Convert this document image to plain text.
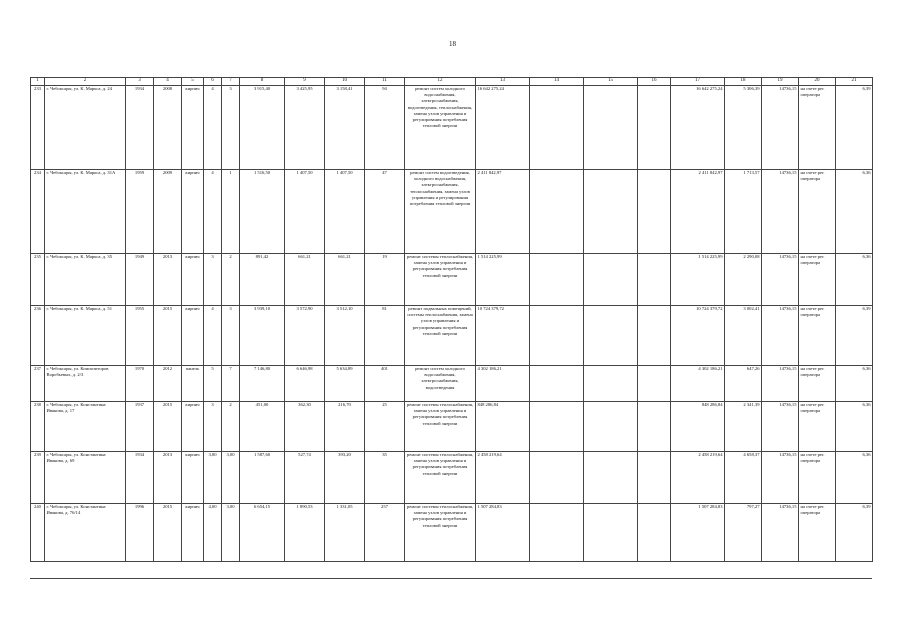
18
1	2	3	4	5	6	7	8	9	10	11	12	13	14	15	16	17	18	19	20	21
233	г. Чебоксары, ул. К. Маркса, д. 24	1934	2008	кирпич	4	3	3 915,40	3 425,95	3 158,41	94	ремонт систем холодного водоснабжения, электроснабжения, водоотведения, теплоснабжения, замена узлов управления и регулирования потребления тепловой энергии	16 642 275,24				16 642 275,24	5 306,39	14736,15	на счете рег. оператора	6,39
234	г. Чебоксары, ул. К. Маркса, д. 31А	1959	2009	кирпич	4	1	1 516,50	1 407,50	1 407,50	47	ремонт систем водоотведения, холодного водоснабжения, электроснабжения, теплоснабжения, замена узлов управления и регулирования потребления тепловой энергии	2 411 842,97				2 411 842,97	1 713,57	14736,15	на счете рег. оператора	6,36
235	г. Чебоксары, ул. К. Маркса, д. 35	1949	2013	кирпич	3	2	891,42	661,21	661,21	19	ремонт системы теплоснабжения, замена узлов управления и регулирования потребления тепловой энергии	1 514 225,99				1 514 225,99	2 290,08	14736,15	на счете рег. оператора	6,36
236	г. Чебоксары, ул. К. Маркса, д. 51	1955	2015	кирпич	4	3	3 939,10	3 572,90	3 512,10	81	ремонт подвальных помещений, системы теплоснабжения, замена узлов управления и регулирования потребления тепловой энергии	10 724 379,72				10 724 379,72	3 002,41	14736,15	на счете рег. оператора	6,39
237	г. Чебоксары, ул. Композиторов Воробьевых, д. 2/3	1970	2012	панель	5	7	7 146,80	6 646,98	5 634,89	401	ремонт систем холодного водоснабжения, электроснабжения, водоотведения	4 302 186,21				4 302 186,21	647,26	14736,15	на счете рег. оператора	6,36
238	г. Чебоксары, ул. Константина Иванова, д. 17	1937	2015	кирпич	3	2	451,00	362,30	216,70	25	ремонт системы теплоснабжения, замена узлов управления и регулирования потребления тепловой энергии	848 286,84				848 286,84	2 341,39	14736,15	на счете рег. оператора	6,36
239	г. Чебоксары, ул. Константина Иванова, д. 69	1934	2013	кирпич	3,00	3,00	1 587,60	527,74	393,20	35	ремонт системы теплоснабжения, замена узлов управления и регулирования потребления тепловой энергии	2 458 219,64				2 458 219,64	4 658,37	14736,15	на счете рег. оператора	6,36
240	г. Чебоксары, ул. Константина Иванова, д. 76/14	1996	2015	кирпич	4,00	3,00	6 654,15	1 890,53	1 331,05	257	ремонт системы теплоснабжения, замена узлов управления и регулирования потребления тепловой энергии	1 507 284,83				1 507 284,83	797,27	14736,15	на счете рег. оператора	6,39
